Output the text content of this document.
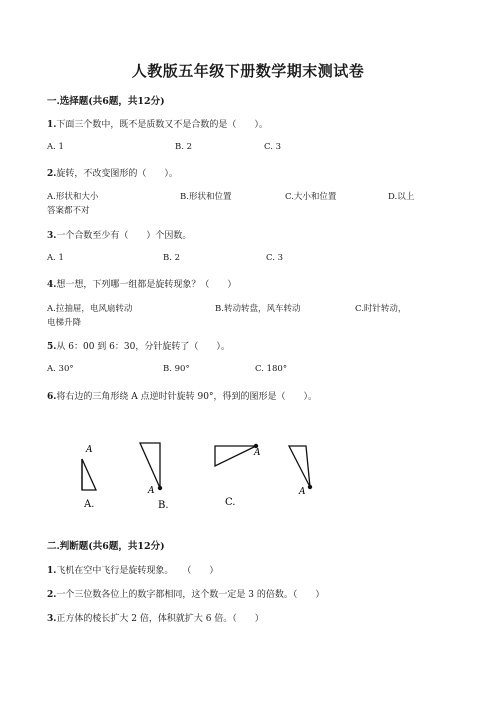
人教版五年级下册数学期末测试卷
一.选择题(共6题，共12分)
1.下面三个数中，既不是质数又不是合数的是（　　）。
A. 1	B. 2	C. 3
2.旋转，不改变图形的（　　）。
A.形状和大小	B.形状和位置	C.大小和位置	D.以上
答案都不对
3.一个合数至少有（　　）个因数。
A. 1	B. 2	C. 3
4.想一想，下列哪一组都是旋转现象？（　　）
A.拉抽屉，电风扇转动	B.转动转盘，风车转动	C.时针转动，
电梯升降
5.从 6：00 到 6：30，分针旋转了（　　）。
A. 30°	B. 90°	C. 180°
6.将右边的三角形绕 A 点逆时针旋转 90°，得到的图形是（　　）。
A
A.
A
B.
A
C.
A
二.判断题(共6题，共12分)
1.飞机在空中飞行是旋转现象。　　（　　）
2.一个三位数各位上的数字都相同，这个数一定是 3 的倍数。（　　）
3.正方体的棱长扩大 2 倍，体积就扩大 6 倍。（　　）
